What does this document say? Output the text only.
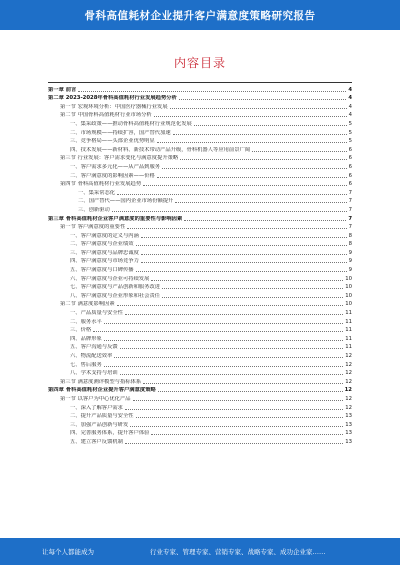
骨科高值耗材企业提升客户满意度策略研究报告
内容目录
第一章 前言	4
第二章 2023-2028年骨科高值耗材行业发展趋势分析	4
第一节 宏观环境分析：中国医疗器械行业发展	4
第二节 中国骨科高值耗材行业市场分析	4
一、集采政策——推动骨科高值耗材行业规范化发展	5
二、市场规模——持续扩容，国产替代加速	5
三、竞争格局——头部企业优势明显	5
四、技术发展——新材料、新技术带动产品升级，骨科机器人等应用前景广阔	6
第三节 行业发展：客户需求变化与满意度提升策略	6
一、客户需求多元化——从产品到服务	6
二、客户满意度的影响因素——价格	6
第四节 骨科高值耗材行业发展趋势	6
一、集采常态化	7
二、国产替代——国内企业市场份额提升	7
三、创新驱动	7
第三章 骨科高值耗材企业客户满意度的重要性与影响因素	7
第一节 客户满意度的重要性	7
一、客户满意度的定义与内涵	8
二、客户满意度与企业绩效	8
三、客户满意度与品牌忠诚度	9
四、客户满意度与市场竞争力	9
五、客户满意度与口碑传播	9
六、客户满意度与企业可持续发展	10
七、客户满意度与产品创新和服务改进	10
八、客户满意度与企业形象和社会责任	10
第二节 满意度影响因素	10
一、产品质量与安全性	11
二、服务水平	11
三、价格	11
四、品牌形象	11
五、客户沟通与反馈	11
六、物流配送效率	12
七、售后服务	12
八、学术支持与培训	12
第三节 满意度测评模型与指标体系	12
第四章 骨科高值耗材企业提升客户满意度策略	12
第一节 以客户为中心优化产品	12
一、深入了解客户需求	12
二、提升产品质量与安全性	13
三、加强产品创新与研发	13
四、完善服务体系，提升客户体验	13
五、建立客户反馈机制	13
让每个人都能成为	行业专家、管理专家、营销专家、战略专家、成功企业家……
